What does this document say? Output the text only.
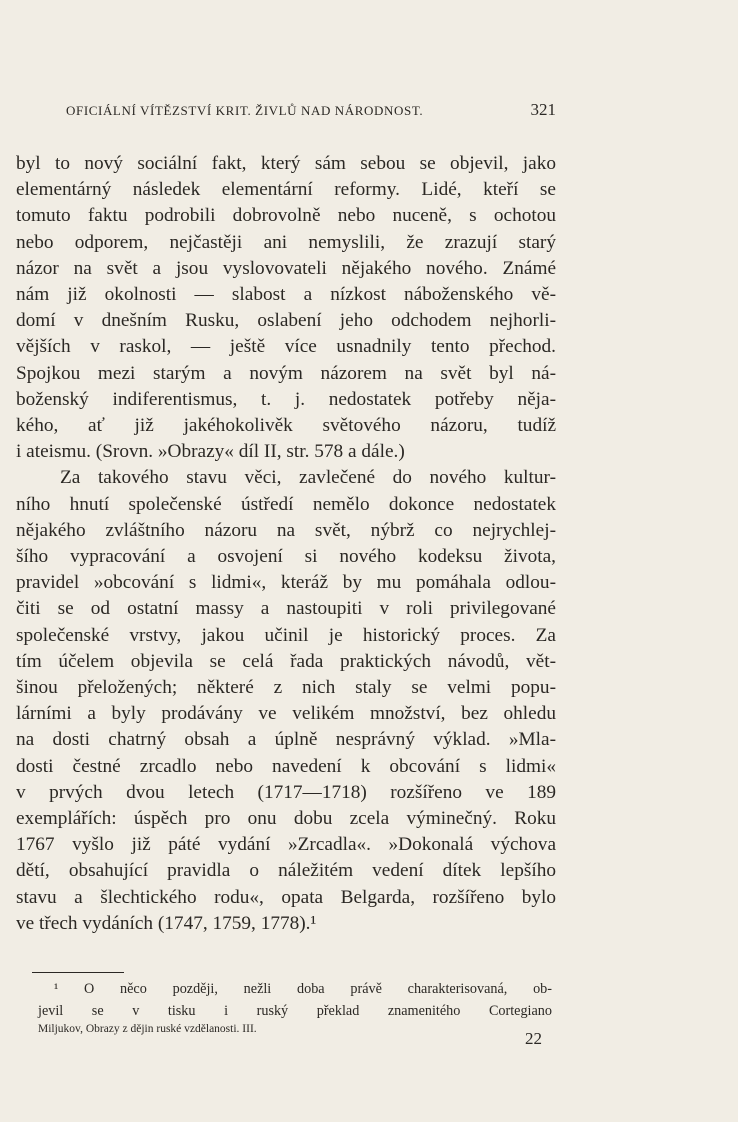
OFICIÁLNÍ VÍTĚZSTVÍ KRIT. ŽIVLŮ NAD NÁRODNOST.	321
byl to nový sociální fakt, který sám sebou se objevil, jako
elementárný následek elementární reformy. Lidé, kteří se
tomuto faktu podrobili dobrovolně nebo nuceně, s ochotou
nebo odporem, nejčastěji ani nemyslili, že zrazují starý
názor na svět a jsou vyslovovateli nějakého nového. Známé
nám již okolnosti — slabost a nízkost náboženského vě-
domí v dnešním Rusku, oslabení jeho odchodem nejhorli-
vějších v raskol, — ještě více usnadnily tento přechod.
Spojkou mezi starým a novým názorem na svět byl ná-
boženský indiferentismus, t. j. nedostatek potřeby něja-
kého, ať již jakéhokolivěk světového názoru, tudíž
i ateismu. (Srovn. »Obrazy« díl II, str. 578 a dále.)
Za takového stavu věci, zavlečené do nového kultur-
ního hnutí společenské ústředí nemělo dokonce nedostatek
nějakého zvláštního názoru na svět, nýbrž co nejrychlej-
šího vypracování a osvojení si nového kodeksu života,
pravidel »obcování s lidmi«, kteráž by mu pomáhala odlou-
čiti se od ostatní massy a nastoupiti v roli privilegované
společenské vrstvy, jakou učinil je historický proces. Za
tím účelem objevila se celá řada praktických návodů, vět-
šinou přeložených; některé z nich staly se velmi popu-
lárními a byly prodávány ve velikém množství, bez ohledu
na dosti chatrný obsah a úplně nesprávný výklad. »Mla-
dosti čestné zrcadlo nebo navedení k obcování s lidmi«
v prvých dvou letech (1717—1718) rozšířeno ve 189
exemplářích: úspěch pro onu dobu zcela výminečný. Roku
1767 vyšlo již páté vydání »Zrcadla«. »Dokonalá výchova
dětí, obsahující pravidla o náležitém vedení dítek lepšího
stavu a šlechtického rodu«, opata Belgarda, rozšířeno bylo
ve třech vydáních (1747, 1759, 1778).¹
¹ O něco později, nežli doba právě charakterisovaná, ob-
jevil se v tisku i ruský překlad znamenitého Cortegiano
Miljukov, Obrazy z dějin ruské vzdělanosti. III.	22
